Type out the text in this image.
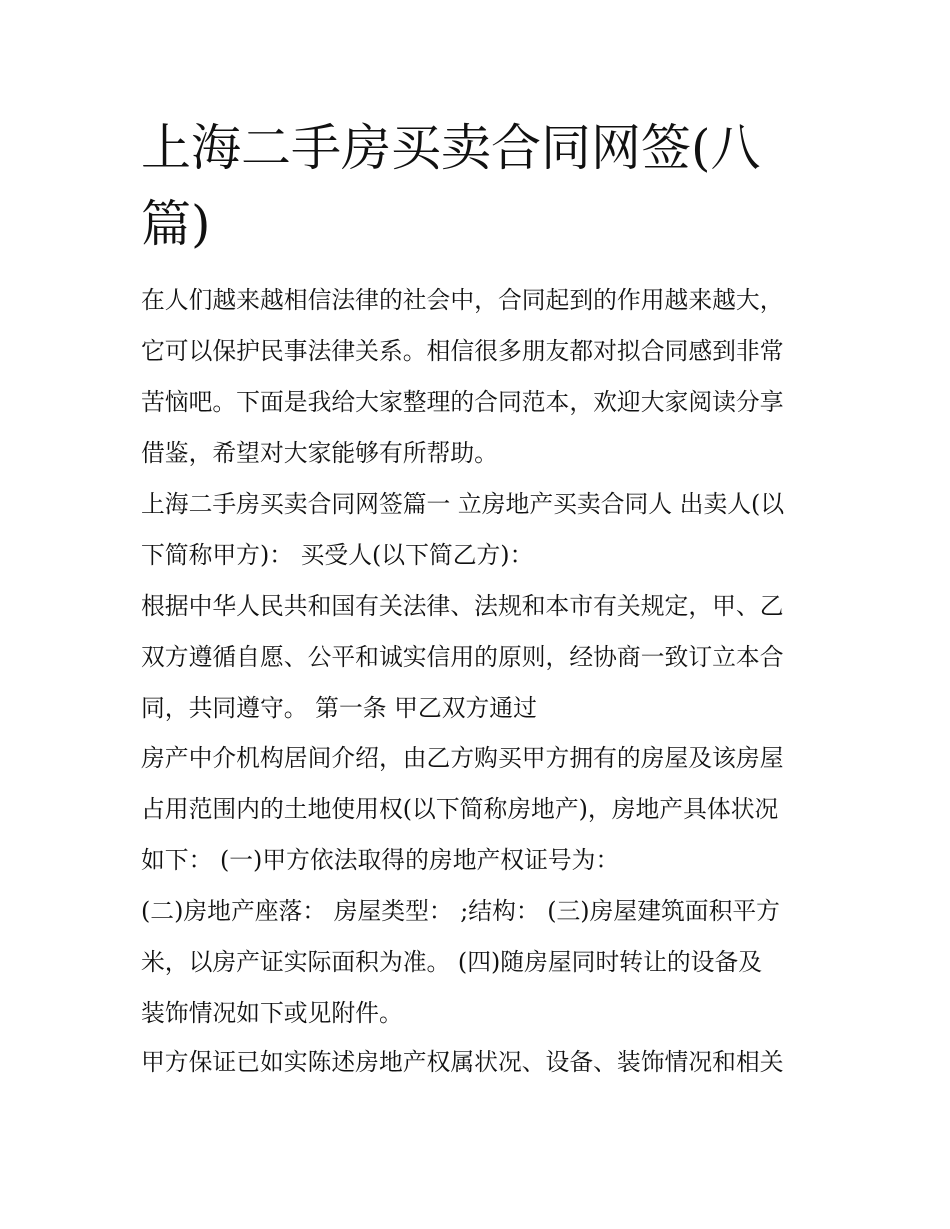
上海二手房买卖合同网签(八
篇)
在人们越来越相信法律的社会中，合同起到的作用越来越大，
它可以保护民事法律关系。相信很多朋友都对拟合同感到非常
苦恼吧。下面是我给大家整理的合同范本，欢迎大家阅读分享
借鉴，希望对大家能够有所帮助。
上海二手房买卖合同网签篇一 立房地产买卖合同人 出卖人(以
下简称甲方)： 买受人(以下简乙方)：
根据中华人民共和国有关法律、法规和本市有关规定，甲、乙
双方遵循自愿、公平和诚实信用的原则，经协商一致订立本合
同，共同遵守。 第一条 甲乙双方通过
房产中介机构居间介绍，由乙方购买甲方拥有的房屋及该房屋
占用范围内的土地使用权(以下简称房地产)，房地产具体状况
如下： (一)甲方依法取得的房地产权证号为：
(二)房地产座落： 房屋类型： ;结构： (三)房屋建筑面积平方
米，以房产证实际面积为准。 (四)随房屋同时转让的设备及
装饰情况如下或见附件。
甲方保证已如实陈述房地产权属状况、设备、装饰情况和相关
